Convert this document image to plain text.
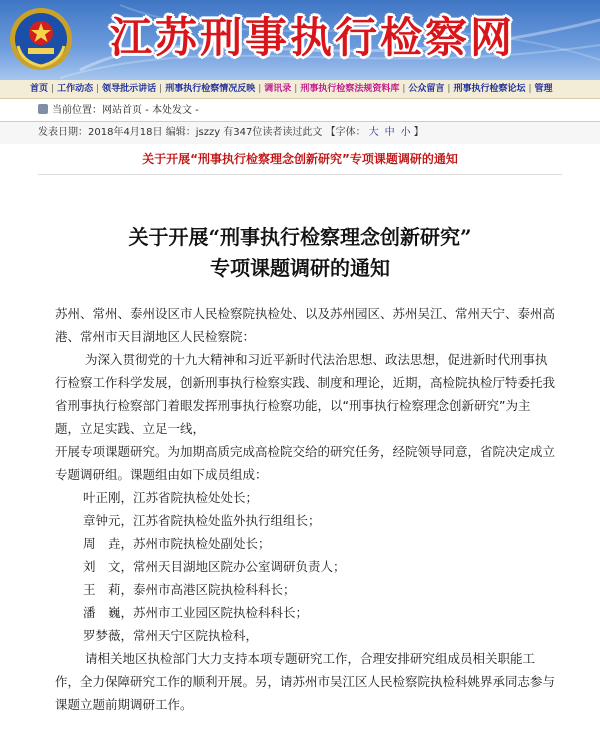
江苏刑事执行检察网
首页 | 工作动态 | 领导批示讲话 | 刑事执行检察情况反映 | 调讯录 | 刑事执行检察法规资料库 | 公众留言 | 刑事执行检察论坛 | 管理
当前位置：网站首页 - 本处发文 -
发表日期：2018年4月18日 编辑：jszzy 有347位读者读过此文 【字体： 大 中 小 】
关于开展“刑事执行检察理念创新研究”专项课题调研的通知
关于开展“刑事执行检察理念创新研究”
专项课题调研的通知

苏州、常州、泰州设区市人民检察院执检处、以及苏州园区、苏州吴江、常州天宁、泰州高港、常州市天目湖地区人民检察院：

为深入贯彻党的十九大精神和习近平新时代法治思想、政法思想，促进新时代刑事执行检察工作科学发展，创新刑事执行检察实践、制度和理论，近期，高检院执检厅特委托我省刑事执行检察部门着眼发挥刑事执行检察功能，以“刑事执行检察理念创新研究”为主题，立足实践、立足一线，

开展专项课题研究。为加期高质完成高检院交给的研究任务，经院领导同意，省院决定成立专题调研组。课题组由如下成员组成：

叶正刚，江苏省院执检处处长；

章钟元，江苏省院执检处监外执行组组长；

周　垚，苏州市院执检处副处长；

刘　文，常州天目湖地区院办公室调研负责人；

王　莉，泰州市高港区院执检科科长；

潘　巍，苏州市工业园区院执检科科长；

罗梦薇，常州天宁区院执检科，

请相关地区执检部门大力支持本项专题研究工作，合理安排研究组成员相关职能工作，全力保障研究工作的顺利开展。另，请苏州市吴江区人民检察院执检科姚界承同志参与课题立题前期调研工作。
